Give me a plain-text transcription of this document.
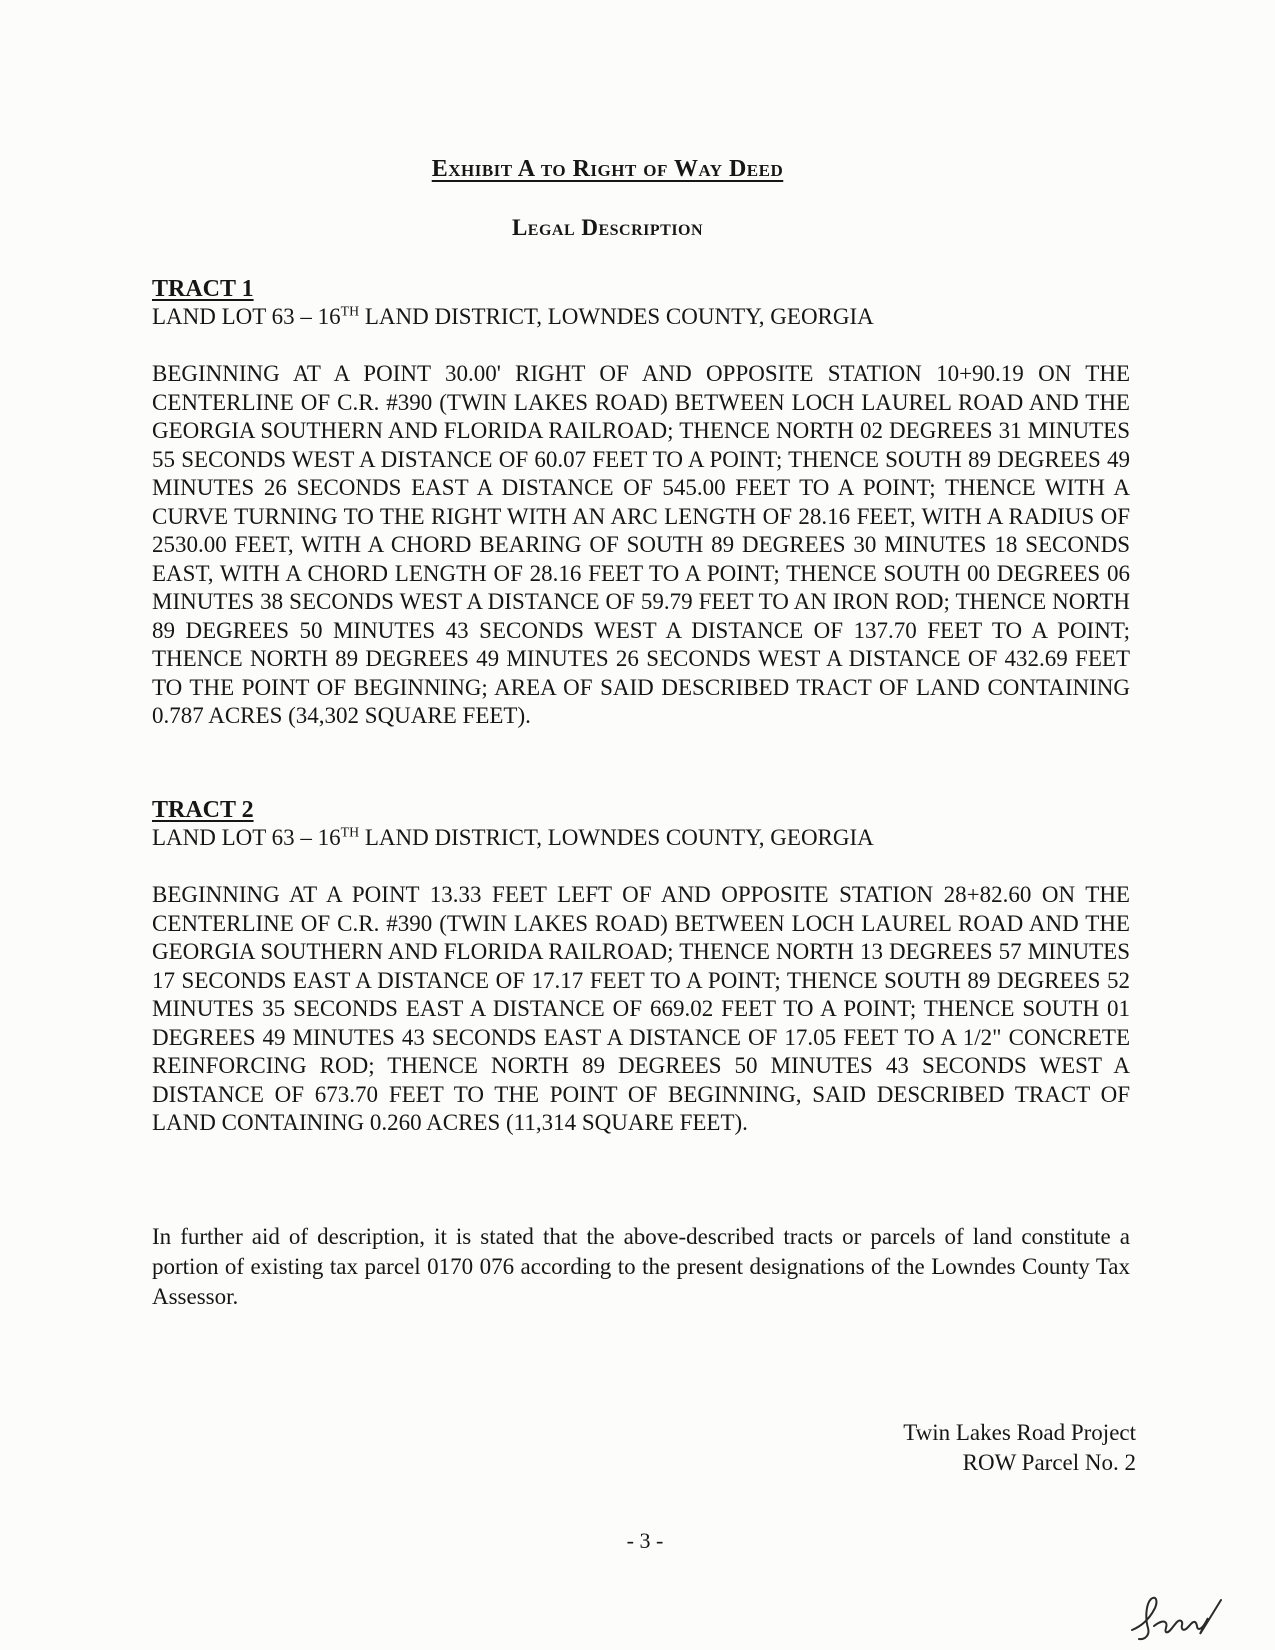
Exhibit A to Right of Way Deed
Legal Description
TRACT 1
LAND LOT 63 – 16TH LAND DISTRICT, LOWNDES COUNTY, GEORGIA
BEGINNING AT A POINT 30.00' RIGHT OF AND OPPOSITE STATION 10+90.19 ON THE CENTERLINE OF C.R. #390 (TWIN LAKES ROAD) BETWEEN LOCH LAUREL ROAD AND THE GEORGIA SOUTHERN AND FLORIDA RAILROAD; THENCE NORTH 02 DEGREES 31 MINUTES 55 SECONDS WEST A DISTANCE OF 60.07 FEET TO A POINT; THENCE SOUTH 89 DEGREES 49 MINUTES 26 SECONDS EAST A DISTANCE OF 545.00 FEET TO A POINT; THENCE WITH A CURVE TURNING TO THE RIGHT WITH AN ARC LENGTH OF 28.16 FEET, WITH A RADIUS OF 2530.00 FEET, WITH A CHORD BEARING OF SOUTH 89 DEGREES 30 MINUTES 18 SECONDS EAST, WITH A CHORD LENGTH OF 28.16 FEET TO A POINT; THENCE SOUTH 00 DEGREES 06 MINUTES 38 SECONDS WEST A DISTANCE OF 59.79 FEET TO AN IRON ROD; THENCE NORTH 89 DEGREES 50 MINUTES 43 SECONDS WEST A DISTANCE OF 137.70 FEET TO A POINT; THENCE NORTH 89 DEGREES 49 MINUTES 26 SECONDS WEST A DISTANCE OF 432.69 FEET TO THE POINT OF BEGINNING; AREA OF SAID DESCRIBED TRACT OF LAND CONTAINING 0.787 ACRES (34,302 SQUARE FEET).
TRACT 2
LAND LOT 63 – 16TH LAND DISTRICT, LOWNDES COUNTY, GEORGIA
BEGINNING AT A POINT 13.33 FEET LEFT OF AND OPPOSITE STATION 28+82.60 ON THE CENTERLINE OF C.R. #390 (TWIN LAKES ROAD) BETWEEN LOCH LAUREL ROAD AND THE GEORGIA SOUTHERN AND FLORIDA RAILROAD; THENCE NORTH 13 DEGREES 57 MINUTES 17 SECONDS EAST A DISTANCE OF 17.17 FEET TO A POINT; THENCE SOUTH 89 DEGREES 52 MINUTES 35 SECONDS EAST A DISTANCE OF 669.02 FEET TO A POINT; THENCE SOUTH 01 DEGREES 49 MINUTES 43 SECONDS EAST A DISTANCE OF 17.05 FEET TO A 1/2" CONCRETE REINFORCING ROD; THENCE NORTH 89 DEGREES 50 MINUTES 43 SECONDS WEST A DISTANCE OF 673.70 FEET TO THE POINT OF BEGINNING, SAID DESCRIBED TRACT OF LAND CONTAINING 0.260 ACRES (11,314 SQUARE FEET).
In further aid of description, it is stated that the above-described tracts or parcels of land constitute a portion of existing tax parcel 0170 076 according to the present designations of the Lowndes County Tax Assessor.
Twin Lakes Road Project
ROW Parcel No. 2
- 3 -
